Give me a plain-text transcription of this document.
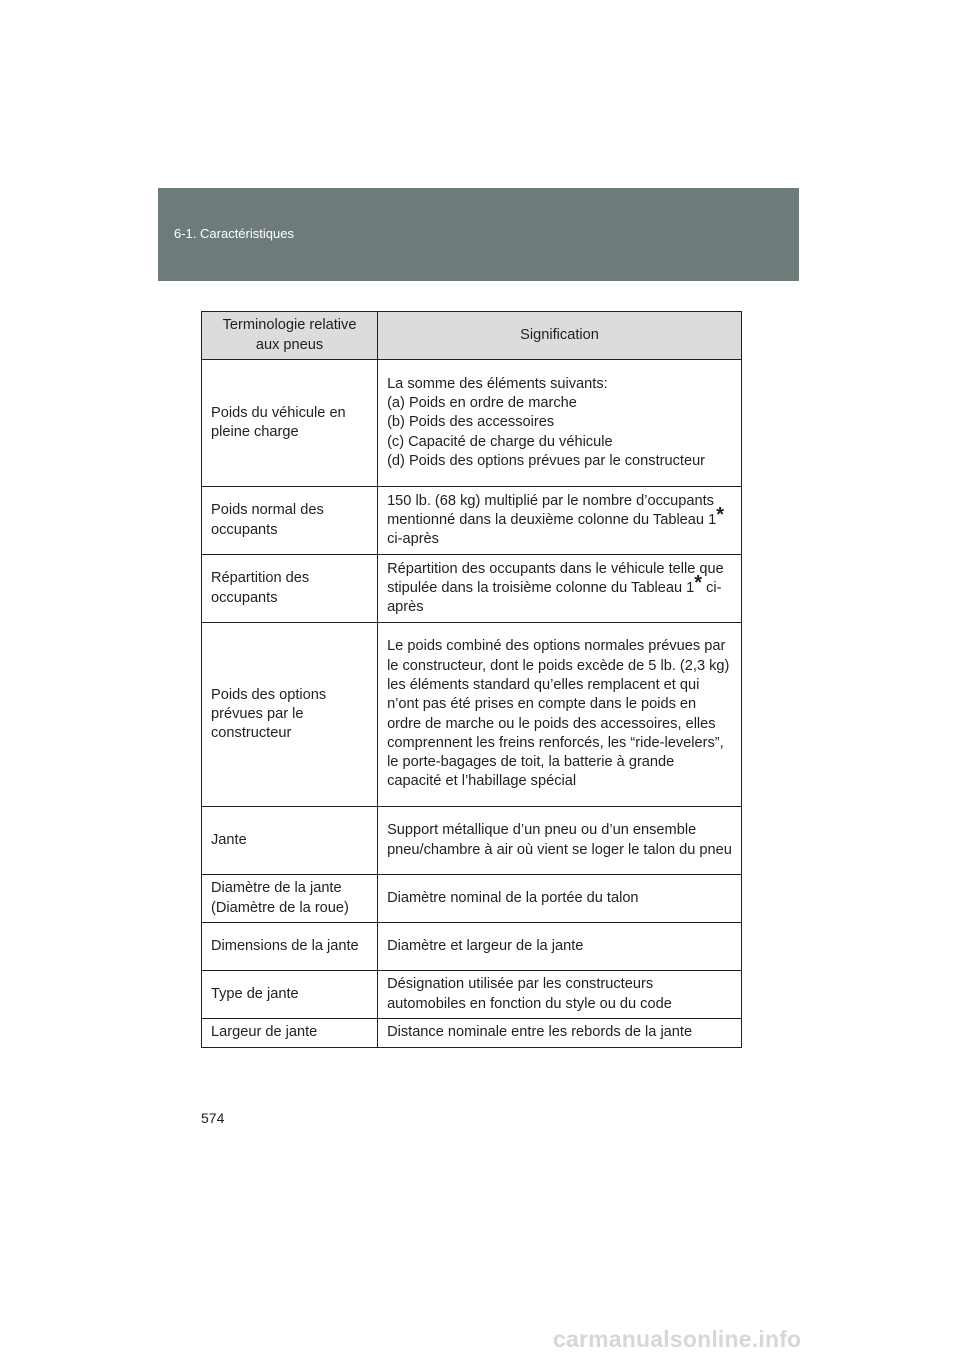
6-1. Caractéristiques
Terminologie relative aux pneus	Signification
Poids du véhicule en pleine charge	La somme des éléments suivants:
(a) Poids en ordre de marche
(b) Poids des accessoires
(c) Capacité de charge du véhicule
(d) Poids des options prévues par le constructeur

Poids normal des occupants	150 lb. (68 kg) multiplié par le nombre d’occupants mentionné dans la deuxième colonne du Tableau 1* ci-après
Répartition des occupants	Répartition des occupants dans le véhicule telle que stipulée dans la troisième colonne du Tableau 1* ci-après
Poids des options prévues par le constructeur	Le poids combiné des options normales prévues par le constructeur, dont le poids excède de 5 lb. (2,3 kg) les éléments standard qu’elles remplacent et qui n’ont pas été prises en compte dans le poids en ordre de marche ou le poids des accessoires, elles comprennent les freins renforcés, les “ride-levelers”, le porte-bagages de toit, la batterie à grande capacité et l’habillage spécial
Jante	Support métallique d’un pneu ou d’un ensemble pneu/chambre à air où vient se loger le talon du pneu
Diamètre de la jante (Diamètre de la roue)	Diamètre nominal de la portée du talon
Dimensions de la jante	Diamètre et largeur de la jante
Type de jante	Désignation utilisée par les constructeurs automobiles en fonction du style ou du code
Largeur de jante	Distance nominale entre les rebords de la jante
574
carmanualsonline.info
